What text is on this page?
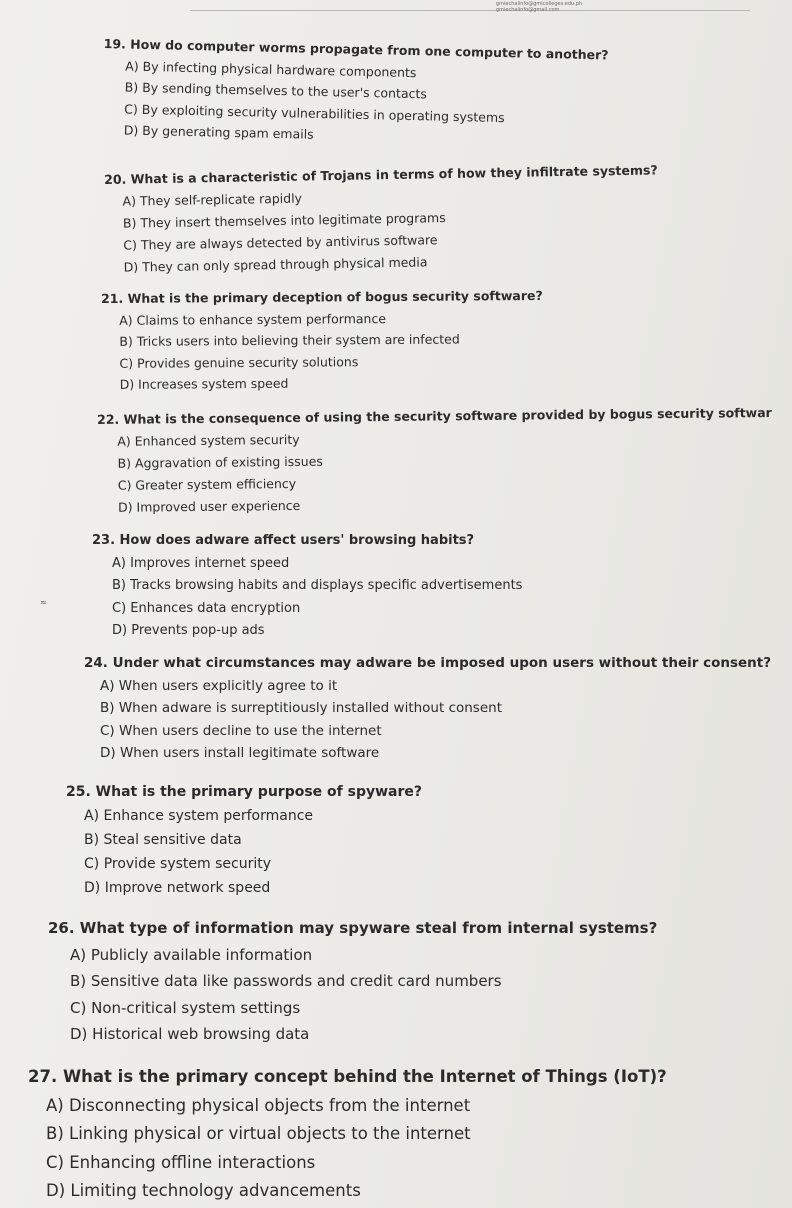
gmiechalinfo@gmicolleges.edu.ph
gmiechalinfo@gmail.com
19. How do computer worms propagate from one computer to another?
A) By infecting physical hardware components
B) By sending themselves to the user's contacts
C) By exploiting security vulnerabilities in operating systems
D) By generating spam emails
20. What is a characteristic of Trojans in terms of how they infiltrate systems?
A) They self-replicate rapidly
B) They insert themselves into legitimate programs
C) They are always detected by antivirus software
D) They can only spread through physical media
21. What is the primary deception of bogus security software?
A) Claims to enhance system performance
B) Tricks users into believing their system are infected
C) Provides genuine security solutions
D) Increases system speed
22. What is the consequence of using the security software provided by bogus security softwar
A) Enhanced system security
B) Aggravation of existing issues
C) Greater system efficiency
D) Improved user experience
23. How does adware affect users' browsing habits?
A) Improves internet speed
B) Tracks browsing habits and displays specific advertisements
C) Enhances data encryption
D) Prevents pop-up ads
≈
24. Under what circumstances may adware be imposed upon users without their consent?
A) When users explicitly agree to it
B) When adware is surreptitiously installed without consent
C) When users decline to use the internet
D) When users install legitimate software
25. What is the primary purpose of spyware?
A) Enhance system performance
B) Steal sensitive data
C) Provide system security
D) Improve network speed
26. What type of information may spyware steal from internal systems?
A) Publicly available information
B) Sensitive data like passwords and credit card numbers
C) Non-critical system settings
D) Historical web browsing data
27. What is the primary concept behind the Internet of Things (IoT)?
A) Disconnecting physical objects from the internet
B) Linking physical or virtual objects to the internet
C) Enhancing offline interactions
D) Limiting technology advancements
